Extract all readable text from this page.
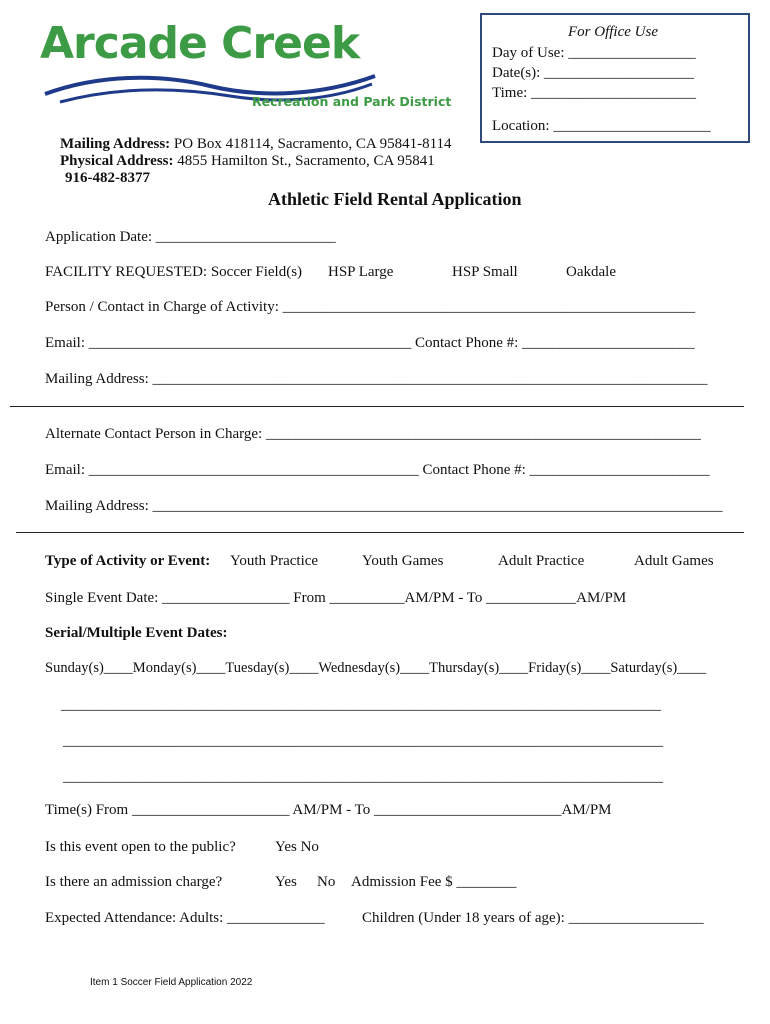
Arcade Creek
Recreation and Park District
For Office Use
Day of Use: _________________
Date(s): ____________________
Time: ______________________
Location: _____________________
Mailing Address: PO Box 418114, Sacramento, CA 95841-8114
Physical Address: 4855 Hamilton St., Sacramento, CA 95841
916-482-8377
Athletic Field Rental Application
Application Date: ________________________
FACILITY REQUESTED: Soccer Field(s) HSP Large	HSP Small	Oakdale
Person / Contact in Charge of Activity: _______________________________________________________
Email: ___________________________________________ Contact Phone #: _______________________
Mailing Address: __________________________________________________________________________
Alternate Contact Person in Charge: __________________________________________________________
Email: ____________________________________________ Contact Phone #: ________________________
Mailing Address: ____________________________________________________________________________
Type of Activity or Event: Youth Practice	Youth Games	Adult Practice	Adult Games
Single Event Date: _________________ From __________AM/PM - To ____________AM/PM
Serial/Multiple Event Dates:
Sunday(s)____Monday(s)____Tuesday(s)____Wednesday(s)____Thursday(s)____Friday(s)____Saturday(s)____
________________________________________________________________________________
________________________________________________________________________________
________________________________________________________________________________
Time(s) From _____________________ AM/PM - To _________________________AM/PM
Is this event open to the public?	Yes No
Is there an admission charge?	Yes No Admission Fee $ ________
Expected Attendance: Adults: _____________ Children (Under 18 years of age): __________________
Item 1 Soccer Field Application 2022
